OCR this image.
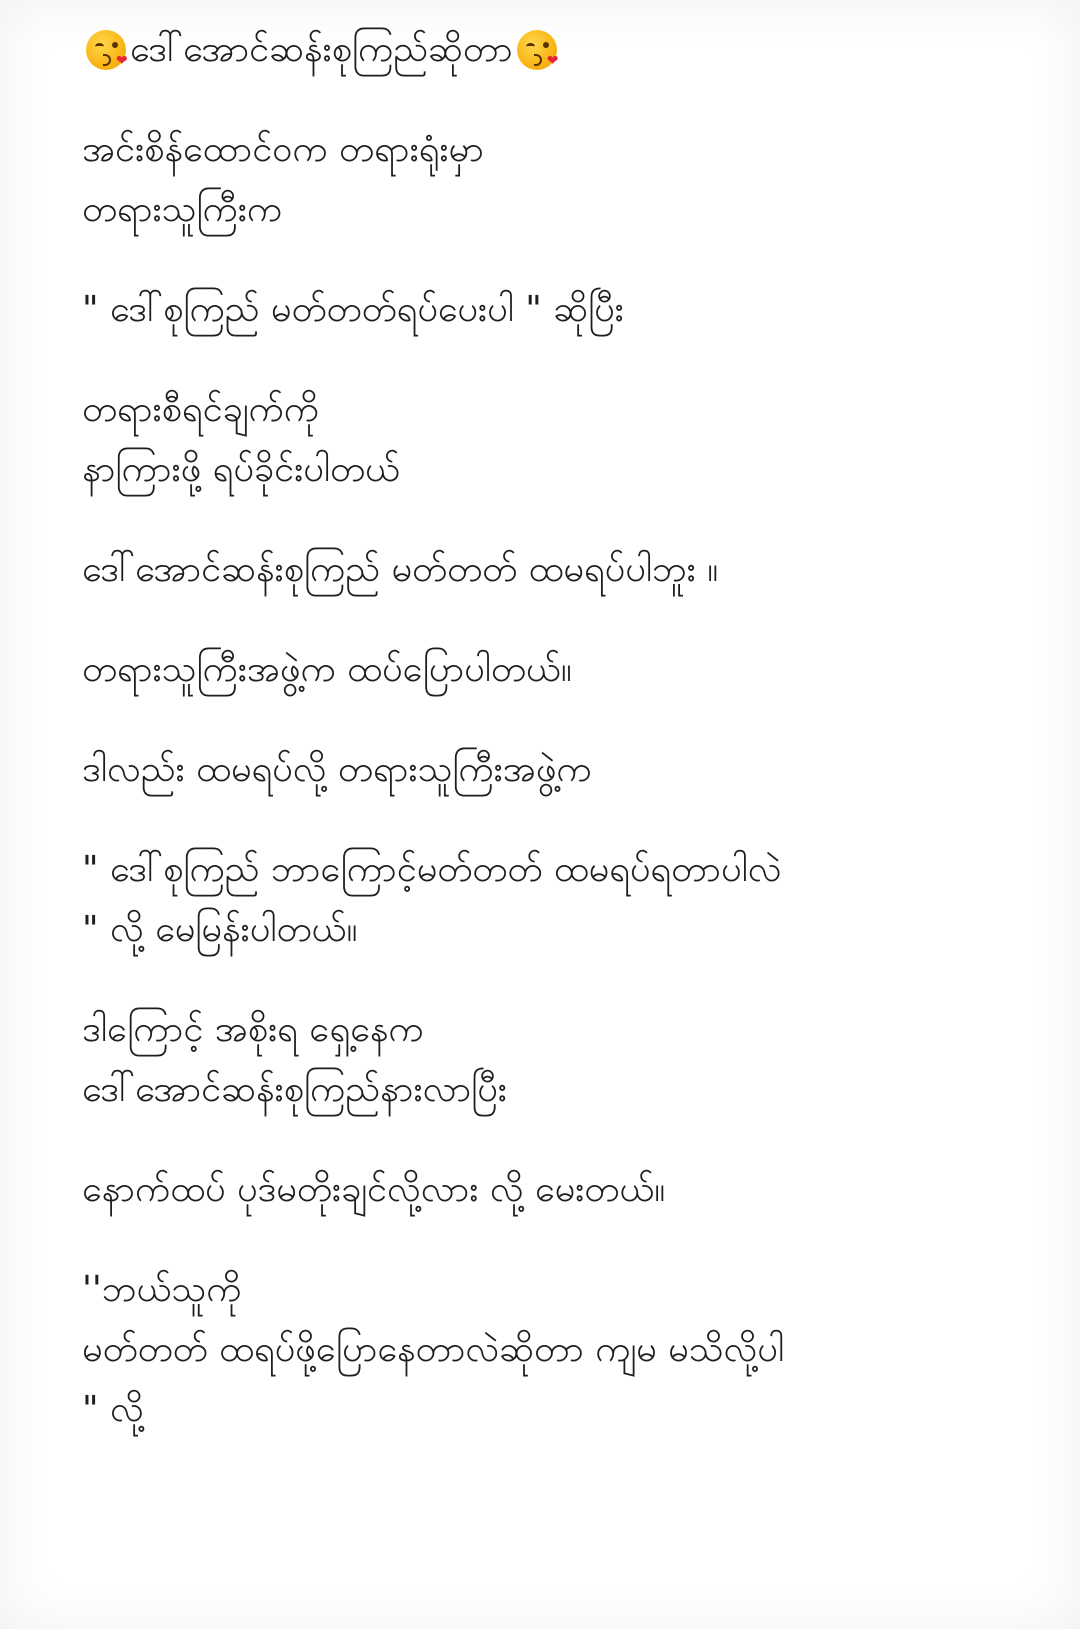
❤ ဒေါ်အောင်ဆန်းစုကြည်ဆိုတာ ❤
အင်းစိန်ထောင်ဝက တရားရုံးမှာ
တရားသူကြီးက
" ဒေါ်စုကြည် မတ်တတ်ရပ်ပေးပါ " ဆိုပြီး
တရားစီရင်ချက်ကို
နာကြားဖို့ ရပ်ခိုင်းပါတယ်
ဒေါ်အောင်ဆန်းစုကြည် မတ်တတ် ထမရပ်ပါဘူး ။
တရားသူကြီးအဖွဲ့က ထပ်ပြောပါတယ်။
ဒါလည်း ထမရပ်လို့ တရားသူကြီးအဖွဲ့က
" ဒေါ်စုကြည် ဘာကြောင့်မတ်တတ် ထမရပ်ရတာပါလဲ
" လို့ မေမြန်းပါတယ်။
ဒါကြောင့် အစိုးရ ရှေ့နေက
ဒေါ်အောင်ဆန်းစုကြည်နားလာပြီး
နောက်ထပ် ပုဒ်မတိုးချင်လို့လား လို့ မေးတယ်။
''ဘယ်သူကို
မတ်တတ် ထရပ်ဖို့ပြောနေတာလဲဆိုတာ ကျမ မသိလို့ပါ
" လို့
